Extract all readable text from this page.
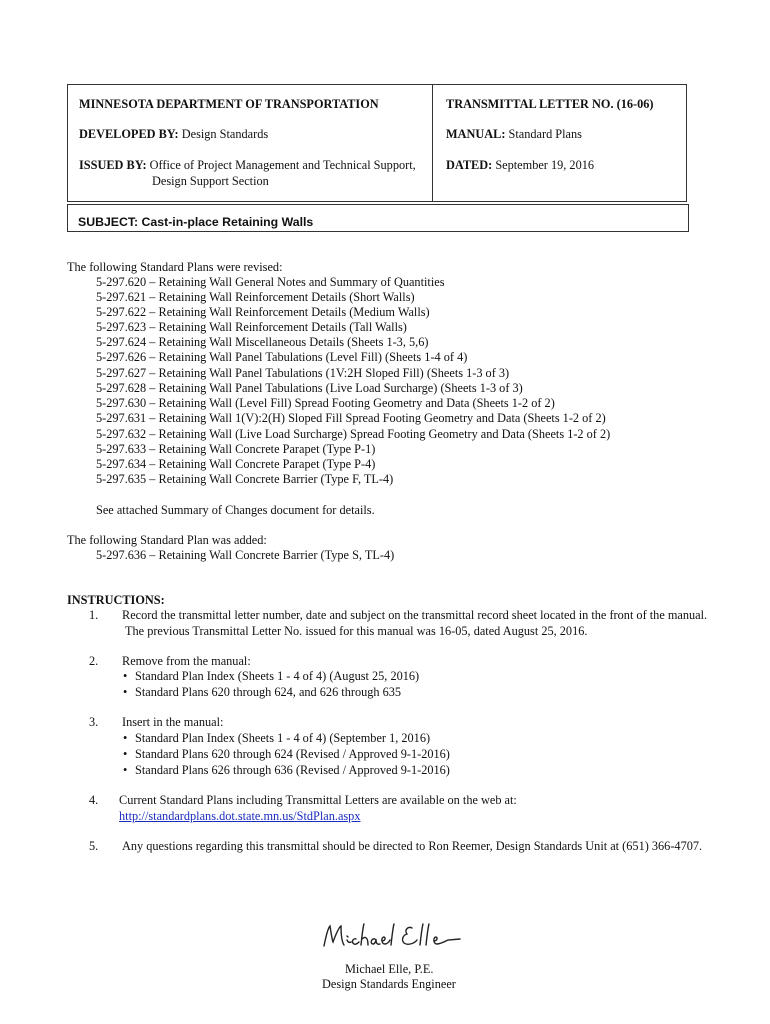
MINNESOTA DEPARTMENT OF TRANSPORTATION	TRANSMITTAL LETTER NO. (16-06)
DEVELOPED BY: Design Standards	MANUAL: Standard Plans
ISSUED BY: Office of Project Management and Technical Support,
Design Support Section
DATED: September 19, 2016
SUBJECT: Cast-in-place Retaining Walls
The following Standard Plans were revised:
5-297.620 – Retaining Wall General Notes and Summary of Quantities
5-297.621 – Retaining Wall Reinforcement Details (Short Walls)
5-297.622 – Retaining Wall Reinforcement Details (Medium Walls)
5-297.623 – Retaining Wall Reinforcement Details (Tall Walls)
5-297.624 – Retaining Wall Miscellaneous Details (Sheets 1-3, 5,6)
5-297.626 – Retaining Wall Panel Tabulations (Level Fill) (Sheets 1-4 of 4)
5-297.627 – Retaining Wall Panel Tabulations (1V:2H Sloped Fill) (Sheets 1-3 of 3)
5-297.628 – Retaining Wall Panel Tabulations (Live Load Surcharge) (Sheets 1-3 of 3)
5-297.630 – Retaining Wall (Level Fill) Spread Footing Geometry and Data (Sheets 1-2 of 2)
5-297.631 – Retaining Wall 1(V):2(H) Sloped Fill Spread Footing Geometry and Data (Sheets 1-2 of 2)
5-297.632 – Retaining Wall (Live Load Surcharge) Spread Footing Geometry and Data (Sheets 1-2 of 2)
5-297.633 – Retaining Wall Concrete Parapet (Type P-1)
5-297.634 – Retaining Wall Concrete Parapet (Type P-4)
5-297.635 – Retaining Wall Concrete Barrier (Type F, TL-4)
See attached Summary of Changes document for details.
The following Standard Plan was added:
5-297.636 – Retaining Wall Concrete Barrier (Type S, TL-4)
INSTRUCTIONS:
1. Record the transmittal letter number, date and subject on the transmittal record sheet located in the front of the manual.
The previous Transmittal Letter No. issued for this manual was 16-05, dated August 25, 2016.
2. Remove from the manual:
• Standard Plan Index (Sheets 1 - 4 of 4) (August 25, 2016)
• Standard Plans 620 through 624, and 626 through 635
3. Insert in the manual:
• Standard Plan Index (Sheets 1 - 4 of 4) (September 1, 2016)
• Standard Plans 620 through 624 (Revised / Approved 9-1-2016)
• Standard Plans 626 through 636 (Revised / Approved 9-1-2016)
4. Current Standard Plans including Transmittal Letters are available on the web at:
http://standardplans.dot.state.mn.us/StdPlan.aspx
5. Any questions regarding this transmittal should be directed to Ron Reemer, Design Standards Unit at (651) 366-4707.
Michael Elle, P.E.
Design Standards Engineer
